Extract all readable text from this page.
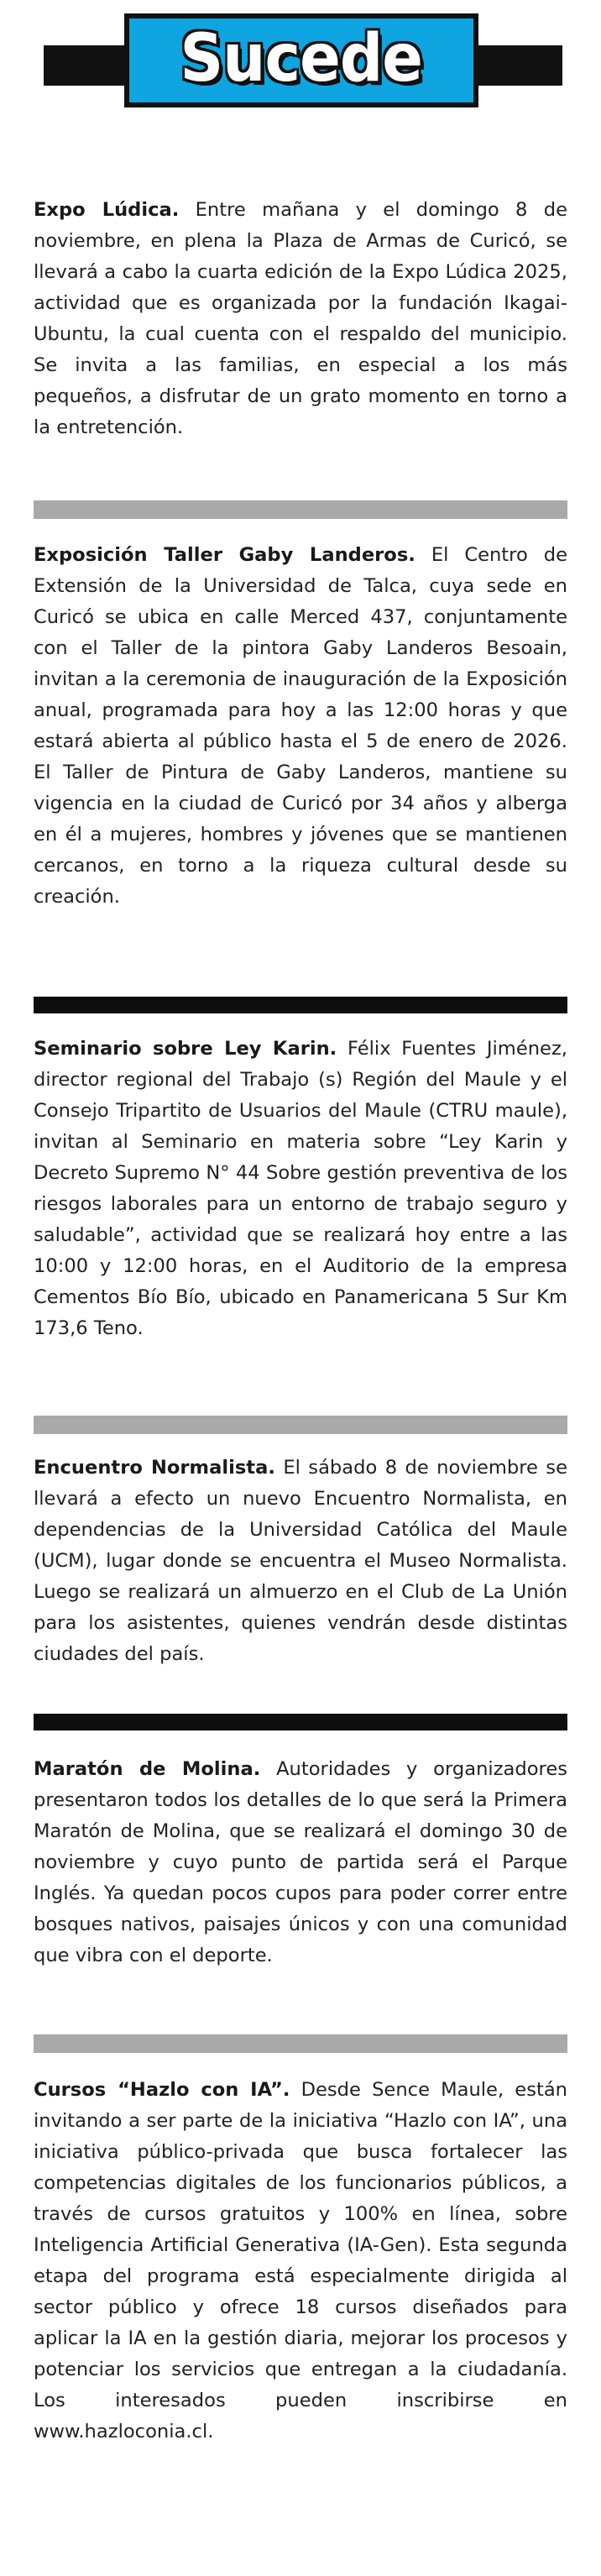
Sucede

Expo Lúdica. Entre mañana y el domingo 8 de noviembre, en plena la Plaza de Armas de Curicó, se llevará a cabo la cuarta edición de la Expo Lúdica 2025, actividad que es organizada por la fundación Ikagai-Ubuntu, la cual cuenta con el respaldo del municipio. Se invita a las familias, en especial a los más pequeños, a disfrutar de un grato momento en torno a la entretención.

Exposición Taller Gaby Landeros. El Centro de Extensión de la Universidad de Talca, cuya sede en Curicó se ubica en calle Merced 437, conjuntamente con el Taller de la pintora Gaby Landeros Besoain, invitan a la ceremonia de inauguración de la Exposición anual, programada para hoy a las 12:00 horas y que estará abierta al público hasta el 5 de enero de 2026. El Taller de Pintura de Gaby Landeros, mantiene su vigencia en la ciudad de Curicó por 34 años y alberga en él a mujeres, hombres y jóvenes que se mantienen cercanos, en torno a la riqueza cultural desde su creación.

Seminario sobre Ley Karin. Félix Fuentes Jiménez, director regional del Trabajo (s) Región del Maule y el Consejo Tripartito de Usuarios del Maule (CTRU maule), invitan al Seminario en materia sobre “Ley Karin y Decreto Supremo N° 44 Sobre gestión preventiva de los riesgos laborales para un entorno de trabajo seguro y saludable”, actividad que se realizará hoy entre a las 10:00 y 12:00 horas, en el Auditorio de la empresa Cementos Bío Bío, ubicado en Panamericana 5 Sur Km 173,6 Teno.

Encuentro Normalista. El sábado 8 de noviembre se llevará a efecto un nuevo Encuentro Normalista, en dependencias de la Universidad Católica del Maule (UCM), lugar donde se encuentra el Museo Normalista. Luego se realizará un almuerzo en el Club de La Unión para los asistentes, quienes vendrán desde distintas ciudades del país.

Maratón de Molina. Autoridades y organizadores presentaron todos los detalles de lo que será la Primera Maratón de Molina, que se realizará el domingo 30 de noviembre y cuyo punto de partida será el Parque Inglés. Ya quedan pocos cupos para poder correr entre bosques nativos, paisajes únicos y con una comunidad que vibra con el deporte.

Cursos “Hazlo con IA”. Desde Sence Maule, están invitando a ser parte de la iniciativa “Hazlo con IA”, una iniciativa público-privada que busca fortalecer las competencias digitales de los funcionarios públicos, a través de cursos gratuitos y 100% en línea, sobre Inteligencia Artificial Generativa (IA-Gen). Esta segunda etapa del programa está especialmente dirigida al sector público y ofrece 18 cursos diseñados para aplicar la IA en la gestión diaria, mejorar los procesos y potenciar los servicios que entregan a la ciudadanía. Los interesados pueden inscribirse en www.hazloconia.cl.
